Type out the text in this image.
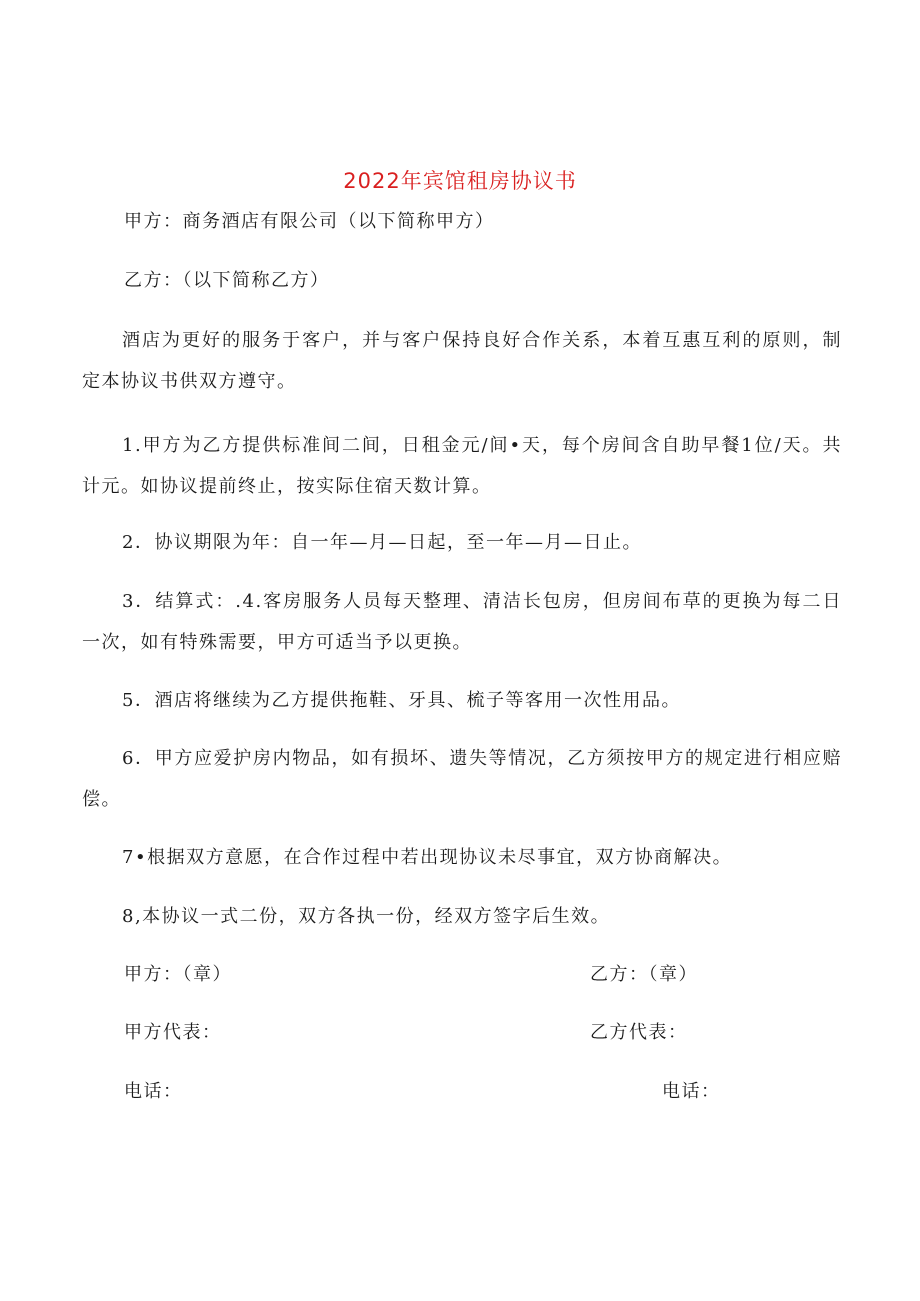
2022年宾馆租房协议书
甲方：商务酒店有限公司（以下简称甲方）
乙方：（以下简称乙方）
酒店为更好的服务于客户，并与客户保持良好合作关系，本着互惠互利的原则，制定本协议书供双方遵守。
1.甲方为乙方提供标准间二间，日租金元/间•天，每个房间含自助早餐1位/天。共计元。如协议提前终止，按实际住宿天数计算。
2．协议期限为年：自一年—月—日起，至一年—月—日止。
3．结算式：.4.客房服务人员每天整理、清洁长包房，但房间布草的更换为每二日一次，如有特殊需要，甲方可适当予以更换。
5．酒店将继续为乙方提供拖鞋、牙具、梳子等客用一次性用品。
6．甲方应爱护房内物品，如有损坏、遗失等情况，乙方须按甲方的规定进行相应赔偿。
7•根据双方意愿，在合作过程中若出现协议未尽事宜，双方协商解决。
8,本协议一式二份，双方各执一份，经双方签字后生效。
甲方：（章）	乙方：（章）
甲方代表：	乙方代表：
电话：	电话：
